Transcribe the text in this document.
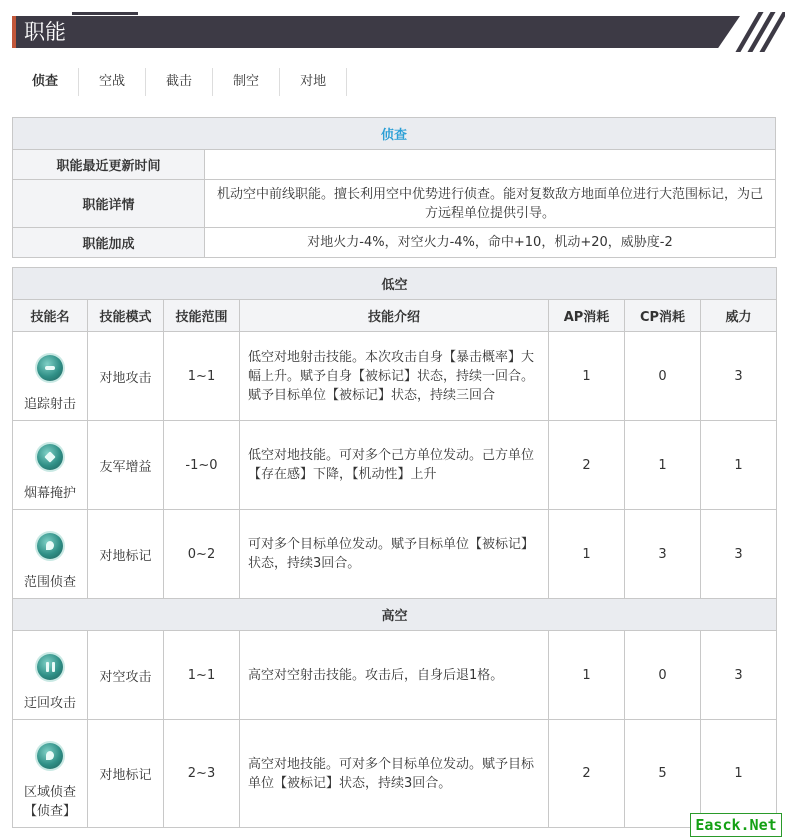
职能
侦查	空战	截击	制空	对地
侦查	
职能最近更新时间	
职能详情	机动空中前线职能。擅长利用空中优势进行侦查。能对复数敌方地面单位进行大范围标记，为己方远程单位提供引导。
职能加成	对地火力-4%，对空火力-4%，命中+10，机动+20，威胁度-2
低空						
技能名	技能模式	技能范围	技能介绍	AP消耗	CP消耗	威力

追踪射击	对地攻击	1~1	低空对地射击技能。本次攻击自身【暴击概率】大幅上升。赋予自身【被标记】状态，持续一回合。赋予目标单位【被标记】状态，持续三回合	1	0	3

烟幕掩护	友军增益	-1~0	低空对地技能。可对多个己方单位发动。己方单位【存在感】下降，【机动性】上升	2	1	1

范围侦查	对地标记	0~2	可对多个目标单位发动。赋予目标单位【被标记】状态，持续3回合。	1	3	3
高空						

迂回攻击	对空攻击	1~1	高空对空射击技能。攻击后，自身后退1格。	1	0	3

区域侦查【侦查】	对地标记	2~3	高空对地技能。可对多个目标单位发动。赋予目标单位【被标记】状态，持续3回合。	2	5	1
Easck.Net
